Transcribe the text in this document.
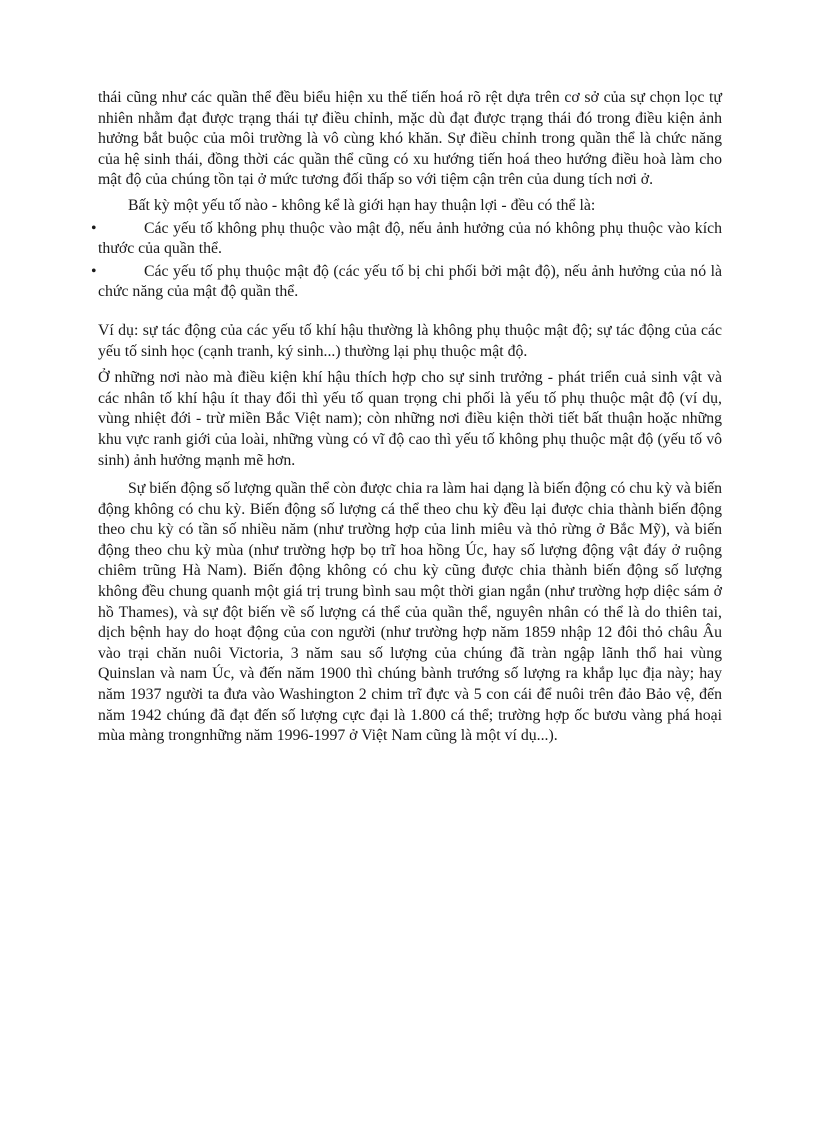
thái cũng như các quần thể đều biểu hiện xu thế tiến hoá rõ rệt dựa trên cơ sở của sự chọn lọc tự nhiên nhằm đạt được trạng thái tự điều chỉnh, mặc dù đạt được trạng thái đó trong điều kiện ảnh hưởng bắt buộc của môi trường là vô cùng khó khăn. Sự điều chỉnh trong quần thể là chức năng của hệ sinh thái, đồng thời các quần thể cũng có xu hướng tiến hoá theo hướng điều hoà làm cho mật độ của chúng tồn tại ở mức tương đối thấp so với tiệm cận trên của dung tích nơi ở.

Bất kỳ một yếu tố nào - không kể là giới hạn hay thuận lợi - đều có thể là:

•	Các yếu tố không phụ thuộc vào mật độ, nếu ảnh hưởng của nó không phụ thuộc vào kích thước của quần thể.
•	Các yếu tố phụ thuộc mật độ (các yếu tố bị chi phối bởi mật độ), nếu ảnh hưởng của nó là chức năng của mật độ quần thể.

Ví dụ: sự tác động của các yếu tố khí hậu thường là không phụ thuộc mật độ; sự tác động của các yếu tố sinh học (cạnh tranh, ký sinh...) thường lại phụ thuộc mật độ.

Ở những nơi nào mà điều kiện khí hậu thích hợp cho sự sinh trưởng - phát triển cuả sinh vật và các nhân tố khí hậu ít thay đổi thì yếu tố quan trọng chi phối là yếu tố phụ thuộc mật độ (ví dụ, vùng nhiệt đới - trừ miền Bắc Việt nam); còn những nơi điều kiện thời tiết bất thuận hoặc những khu vực ranh giới của loài, những vùng có vĩ độ cao thì yếu tố không phụ thuộc mật độ (yếu tố vô sinh) ảnh hưởng mạnh mẽ hơn.

Sự biến động số lượng quần thể còn được chia ra làm hai dạng là biến động có chu kỳ và biến động không có chu kỳ. Biến động số lượng cá thể theo chu kỳ đều lại được chia thành biến động theo chu kỳ có tần số nhiều năm (như trường hợp của linh miêu và thỏ rừng ở Bắc Mỹ), và biến động theo chu kỳ mùa (như trường hợp bọ trĩ hoa hồng Úc, hay số lượng động vật đáy ở ruộng chiêm trũng Hà Nam). Biến động không có chu kỳ cũng được chia thành biến động số lượng không đều chung quanh một giá trị trung bình sau một thời gian ngắn (như trường hợp diệc sám ở hồ Thames), và sự đột biến về số lượng cá thể của quần thể, nguyên nhân có thể là do thiên tai, dịch bệnh hay do hoạt động của con người (như trường hợp năm 1859 nhập 12 đôi thỏ châu Âu vào trại chăn nuôi Victoria, 3 năm sau số lượng của chúng đã tràn ngập lãnh thổ hai vùng Quinslan và nam Úc, và đến năm 1900 thì chúng bành trướng số lượng ra khắp lục địa này; hay năm 1937 người ta đưa vào Washington 2 chim trĩ đực và 5 con cái để nuôi trên đảo Bảo vệ, đến năm 1942 chúng đã đạt đến số lượng cực đại là 1.800 cá thể; trường hợp ốc bươu vàng phá hoại mùa màng trongnhững năm 1996-1997 ở Việt Nam cũng là một ví dụ...).
